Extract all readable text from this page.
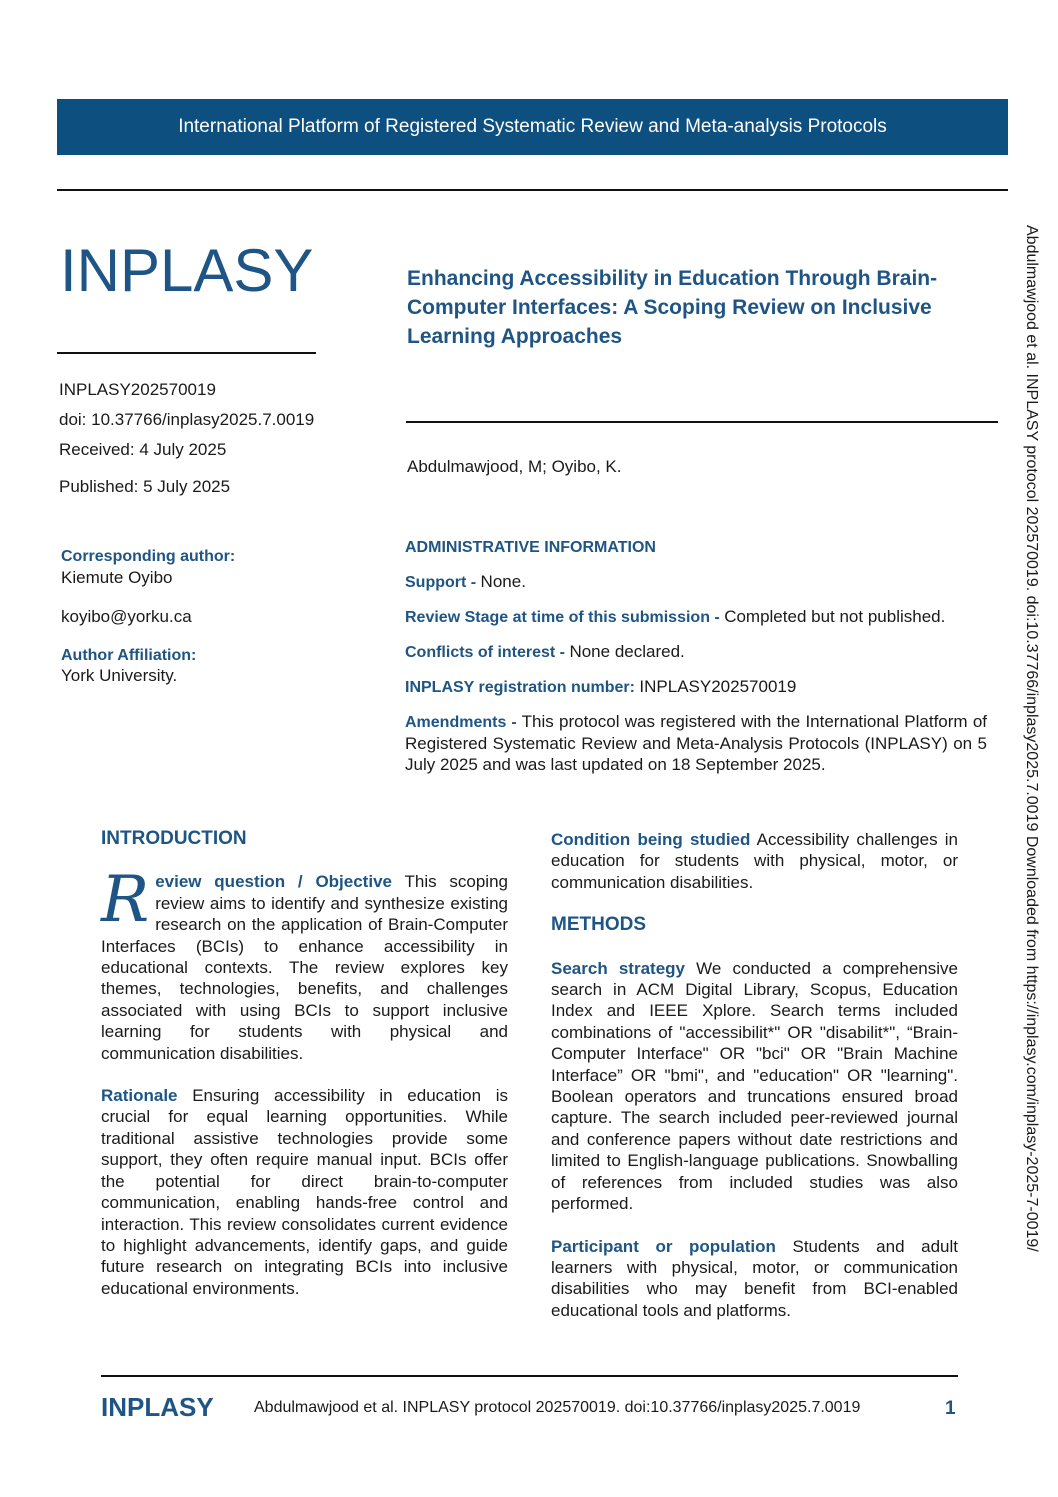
International Platform of Registered Systematic Review and Meta-analysis Protocols
INPLASY	Enhancing Accessibility in Education Through Brain-Computer Interfaces: A Scoping Review on Inclusive Learning Approaches
INPLASY202570019
doi: 10.37766/inplasy2025.7.0019
Received: 4 July 2025
Published: 5 July 2025
Abdulmawjood, M; Oyibo, K.
Corresponding author:
Kiemute Oyibo
koyibo@yorku.ca
Author Affiliation:
York University.
ADMINISTRATIVE INFORMATION
Support - None.
Review Stage at time of this submission - Completed but not published.
Conflicts of interest - None declared.
INPLASY registration number: INPLASY202570019
Amendments - This protocol was registered with the International Platform of Registered Systematic Review and Meta-Analysis Protocols (INPLASY) on 5 July 2025 and was last updated on 18 September 2025.
INTRODUCTION

Review question / Objective This scoping review aims to identify and synthesize existing research on the application of Brain-Computer Interfaces (BCIs) to enhance accessibility in educational contexts. The review explores key themes, technologies, benefits, and challenges associated with using BCIs to support inclusive learning for students with physical and communication disabilities.

Rationale Ensuring accessibility in education is crucial for equal learning opportunities. While traditional assistive technologies provide some support, they often require manual input. BCIs offer the potential for direct brain-to-computer communication, enabling hands-free control and interaction. This review consolidates current evidence to highlight advancements, identify gaps, and guide future research on integrating BCIs into inclusive educational environments.

Condition being studied Accessibility challenges in education for students with physical, motor, or communication disabilities.

METHODS

Search strategy We conducted a comprehensive search in ACM Digital Library, Scopus, Education Index and IEEE Xplore. Search terms included combinations of "accessibilit*" OR "disabilit*", “Brain-Computer Interface" OR "bci" OR "Brain Machine Interface” OR "bmi", and "education" OR "learning". Boolean operators and truncations ensured broad capture. The search included peer-reviewed journal and conference papers without date restrictions and limited to English-language publications. Snowballing of references from included studies was also performed.

Participant or population Students and adult learners with physical, motor, or communication disabilities who may benefit from BCI-enabled educational tools and platforms.

Abdulmawjood et al. INPLASY protocol 202570019. doi:10.37766/inplasy2025.7.0019 Downloaded from https://inplasy.com/inplasy-2025-7-0019/
INPLASY	Abdulmawjood et al. INPLASY protocol 202570019. doi:10.37766/inplasy2025.7.0019	1
